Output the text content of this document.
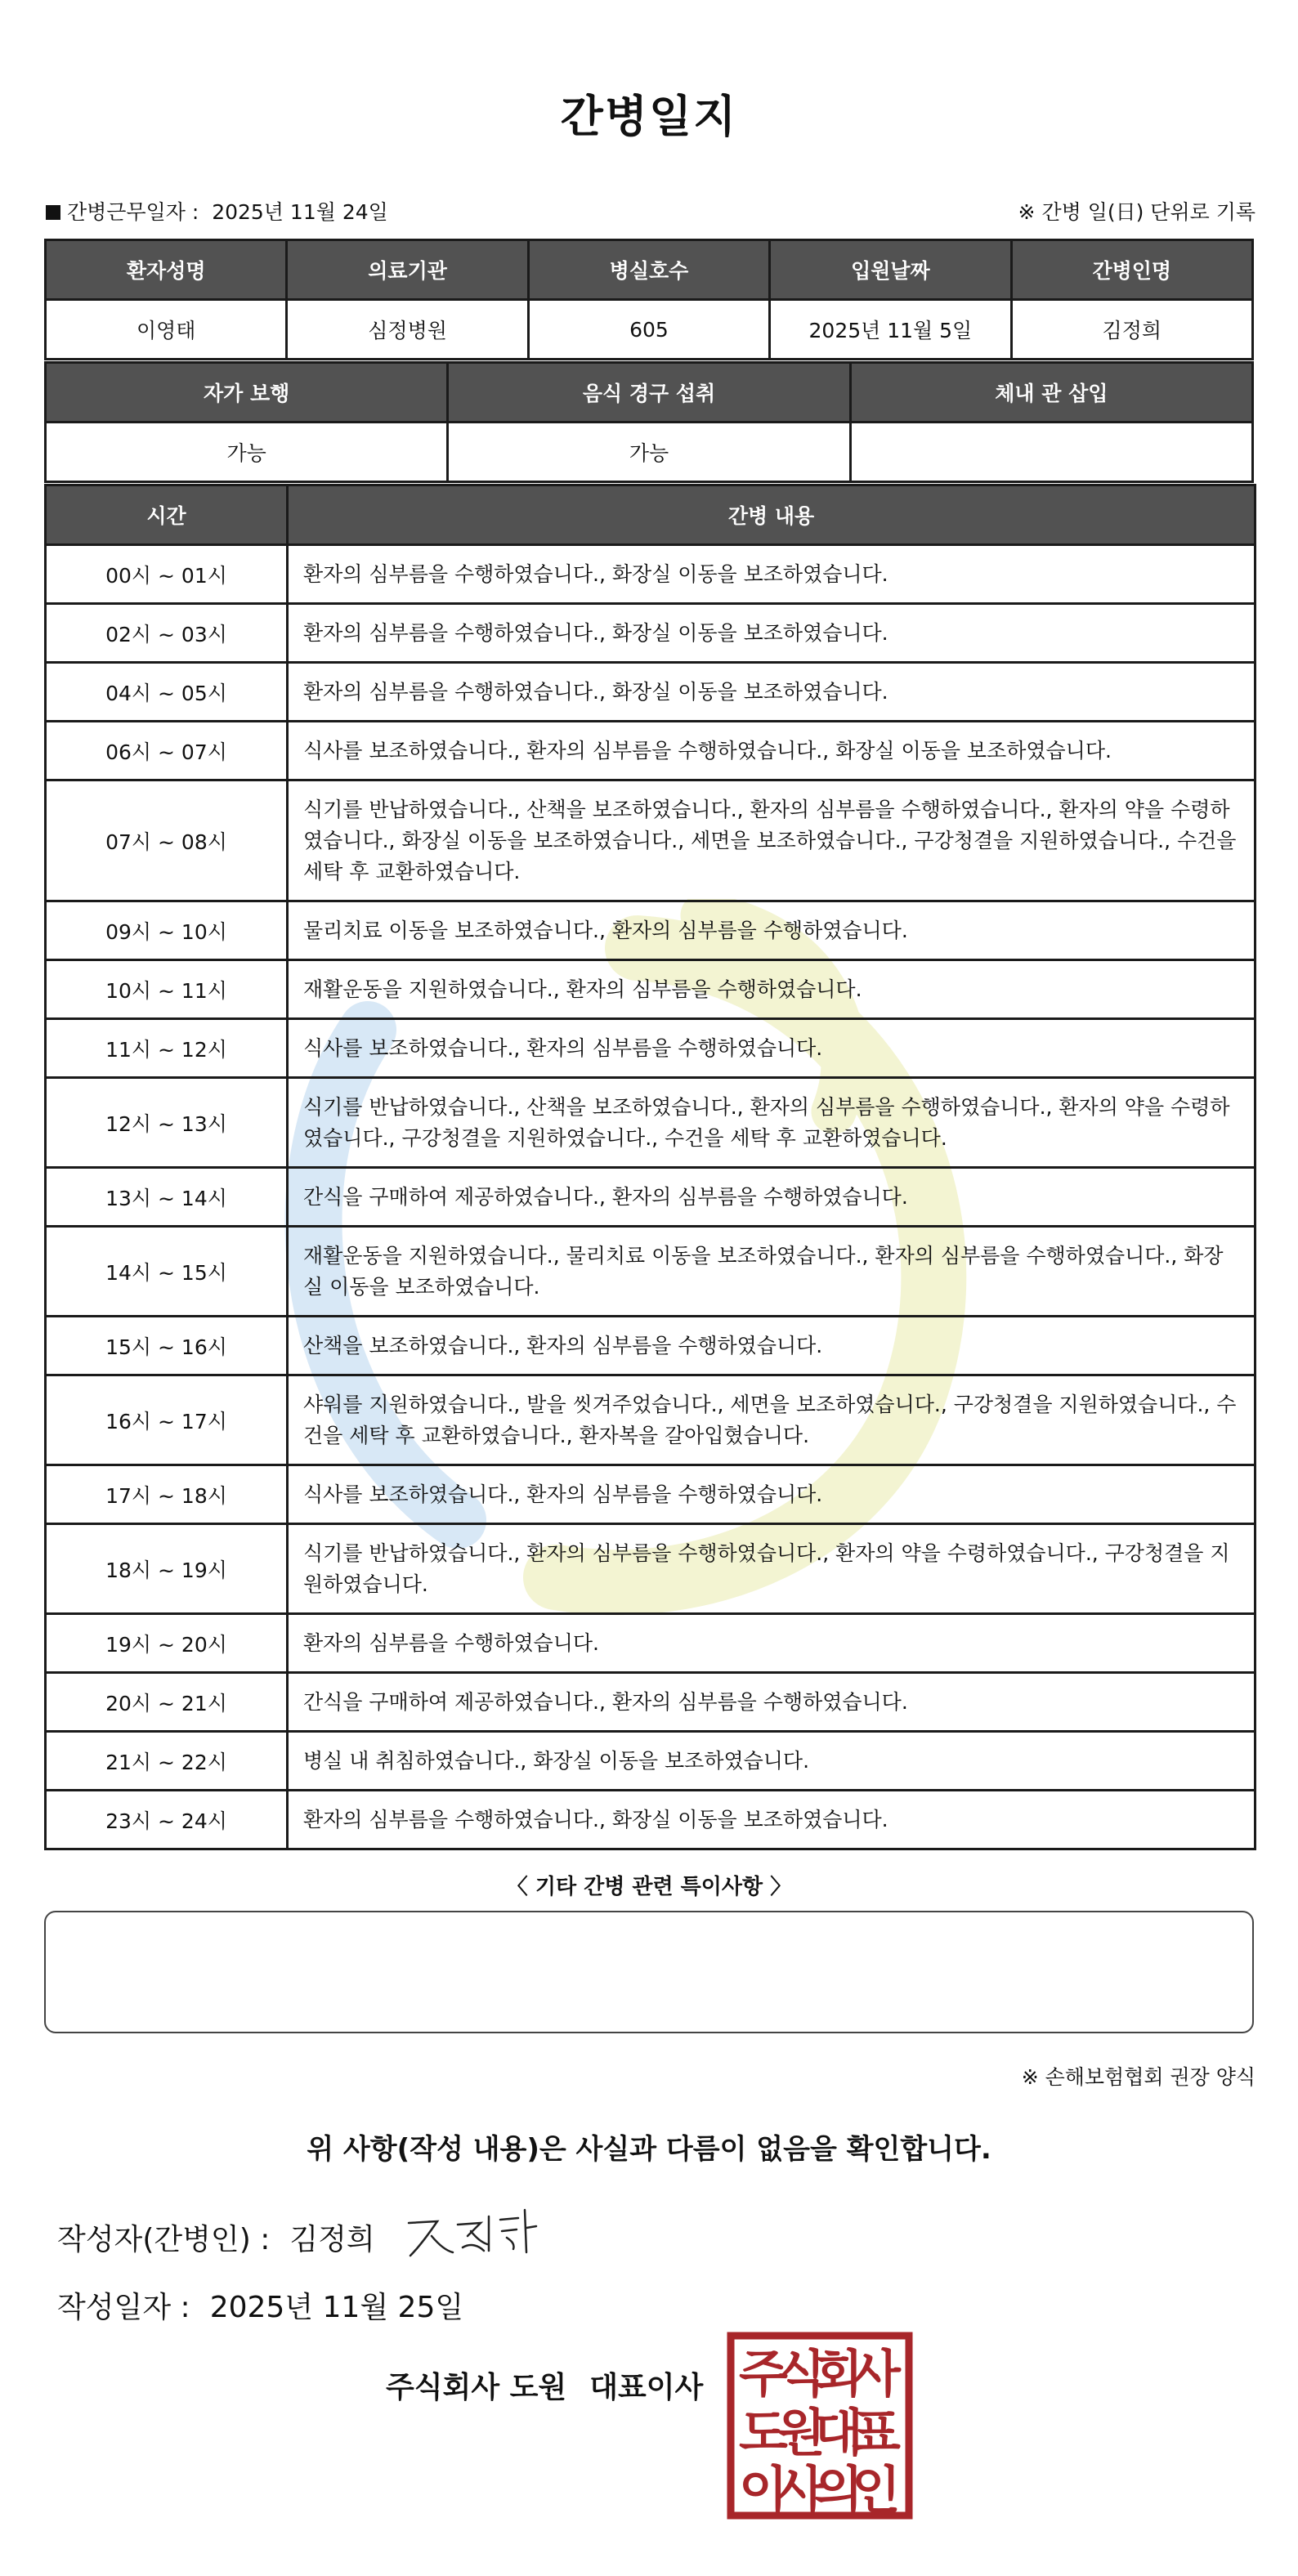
간병일지
간병근무일자 : 2025년 11월 24일	※ 간병 일(日) 단위로 기록
환자성명	의료기관	병실호수	입원날짜	간병인명
이영태	심정병원	605	2025년 11월 5일	김정희
자가 보행	음식 경구 섭취	체내 관 삽입
가능	가능	
시간	간병 내용
00시 ~ 01시	환자의 심부름을 수행하였습니다., 화장실 이동을 보조하였습니다.
02시 ~ 03시	환자의 심부름을 수행하였습니다., 화장실 이동을 보조하였습니다.
04시 ~ 05시	환자의 심부름을 수행하였습니다., 화장실 이동을 보조하였습니다.
06시 ~ 07시	식사를 보조하였습니다., 환자의 심부름을 수행하였습니다., 화장실 이동을 보조하였습니다.
07시 ~ 08시	식기를 반납하였습니다., 산책을 보조하였습니다., 환자의 심부름을 수행하였습니다., 환자의 약을 수령하였습니다., 화장실 이동을 보조하였습니다., 세면을 보조하였습니다., 구강청결을 지원하였습니다., 수건을 세탁 후 교환하였습니다.
09시 ~ 10시	물리치료 이동을 보조하였습니다., 환자의 심부름을 수행하였습니다.
10시 ~ 11시	재활운동을 지원하였습니다., 환자의 심부름을 수행하였습니다.
11시 ~ 12시	식사를 보조하였습니다., 환자의 심부름을 수행하였습니다.
12시 ~ 13시	식기를 반납하였습니다., 산책을 보조하였습니다., 환자의 심부름을 수행하였습니다., 환자의 약을 수령하였습니다., 구강청결을 지원하였습니다., 수건을 세탁 후 교환하였습니다.
13시 ~ 14시	간식을 구매하여 제공하였습니다., 환자의 심부름을 수행하였습니다.
14시 ~ 15시	재활운동을 지원하였습니다., 물리치료 이동을 보조하였습니다., 환자의 심부름을 수행하였습니다., 화장실 이동을 보조하였습니다.
15시 ~ 16시	산책을 보조하였습니다., 환자의 심부름을 수행하였습니다.
16시 ~ 17시	샤워를 지원하였습니다., 발을 씻겨주었습니다., 세면을 보조하였습니다., 구강청결을 지원하였습니다., 수건을 세탁 후 교환하였습니다., 환자복을 갈아입혔습니다.
17시 ~ 18시	식사를 보조하였습니다., 환자의 심부름을 수행하였습니다.
18시 ~ 19시	식기를 반납하였습니다., 환자의 심부름을 수행하였습니다., 환자의 약을 수령하였습니다., 구강청결을 지원하였습니다.
19시 ~ 20시	환자의 심부름을 수행하였습니다.
20시 ~ 21시	간식을 구매하여 제공하였습니다., 환자의 심부름을 수행하였습니다.
21시 ~ 22시	병실 내 취침하였습니다., 화장실 이동을 보조하였습니다.
23시 ~ 24시	환자의 심부름을 수행하였습니다., 화장실 이동을 보조하였습니다.
〈 기타 간병 관련 특이사항 〉
※ 손해보험협회 권장 양식
위 사항(작성 내용)은 사실과 다름이 없음을 확인합니다.
작성자(간병인) : 김정희
작성일자 : 2025년 11월 25일
주식회사 도원 대표이사 주
식
회
사
도
원
대
표
이
사
의
인
